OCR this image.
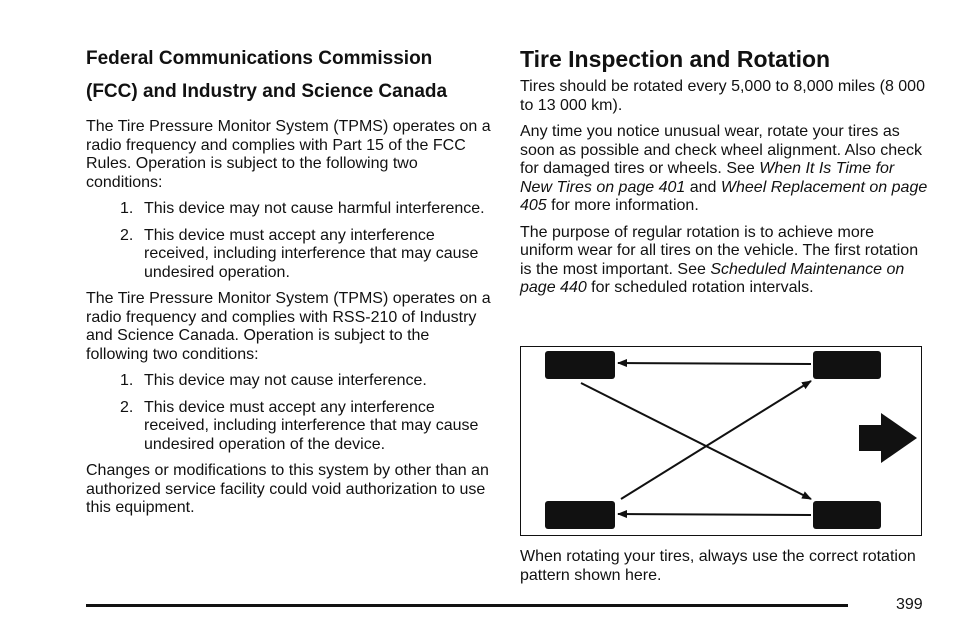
Federal Communications Commission
(FCC) and Industry and Science Canada

The Tire Pressure Monitor System (TPMS) operates on a radio frequency and complies with Part 15 of the FCC Rules. Operation is subject to the following two conditions:

1. This device may not cause harmful interference.
2. This device must accept any interference received, including interference that may cause undesired operation.

The Tire Pressure Monitor System (TPMS) operates on a radio frequency and complies with RSS-210 of Industry and Science Canada. Operation is subject to the following two conditions:

1. This device may not cause interference.
2. This device must accept any interference received, including interference that may cause undesired operation of the device.

Changes or modifications to this system by other than an authorized service facility could void authorization to use this equipment.

Tire Inspection and Rotation

Tires should be rotated every 5,000 to 8,000 miles (8 000 to 13 000 km).

Any time you notice unusual wear, rotate your tires as soon as possible and check wheel alignment. Also check for damaged tires or wheels. See When It Is Time for New Tires on page 401 and Wheel Replacement on page 405 for more information.

The purpose of regular rotation is to achieve more uniform wear for all tires on the vehicle. The first rotation is the most important. See Scheduled Maintenance on page 440 for scheduled rotation intervals.

When rotating your tires, always use the correct rotation pattern shown here.

399
